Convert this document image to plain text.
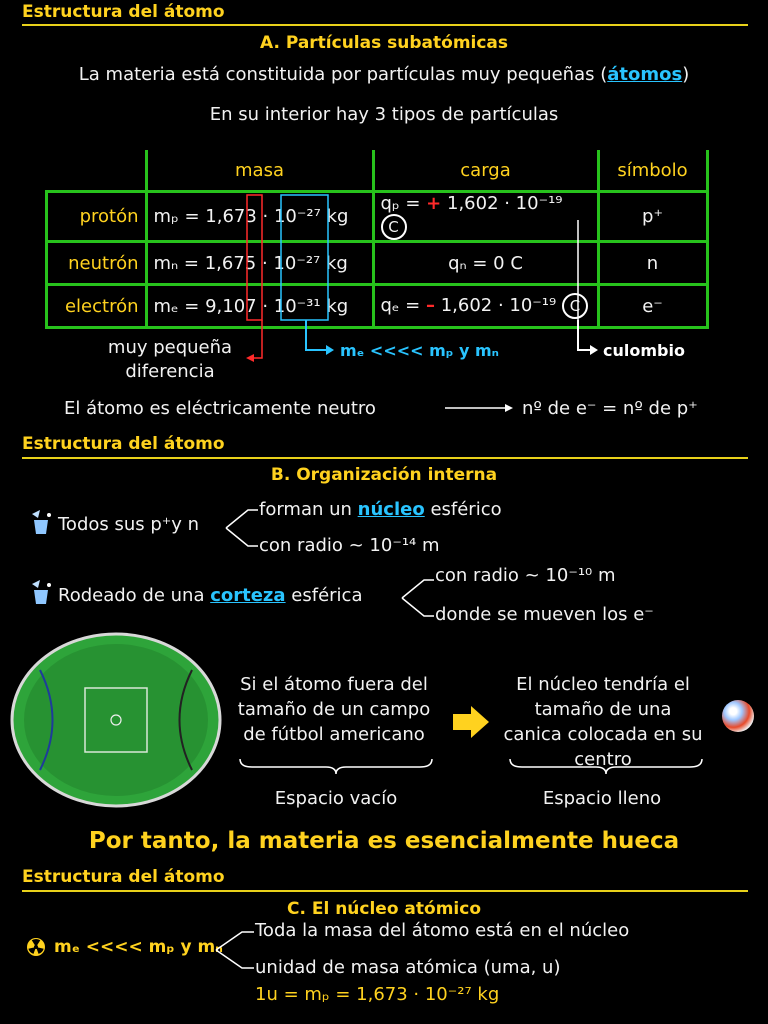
Estructura del átomo
A. Partículas subatómicas
La materia está constituida por partículas muy pequeñas (átomos)
En su interior hay 3 tipos de partículas
	masa	carga	símbolo
protón	mₚ = 1,673 · 10⁻²⁷ kg	qₚ = + 1,602 · 10⁻¹⁹ C	p⁺
neutrón	mₙ = 1,675 · 10⁻²⁷ kg	qₙ = 0 C	n
electrón	mₑ = 9,107 · 10⁻³¹ kg	qₑ = – 1,602 · 10⁻¹⁹ C	e⁻
muy pequeña diferencia
mₑ <<<< mₚ y mₙ	culombio
El átomo es eléctricamente neutro	nº de e⁻ = nº de p⁺
Estructura del átomo
B. Organización interna
Todos sus p⁺y n
forman un núcleo esférico
con radio ~ 10⁻¹⁴ m
Rodeado de una corteza esférica
con radio ~ 10⁻¹⁰ m
donde se mueven los e⁻
Si el átomo fuera del tamaño de un campo de fútbol americano
El núcleo tendría el tamaño de una canica colocada en su centro
Espacio vacío	Espacio lleno
Por tanto, la materia es esencialmente hueca
Estructura del átomo
C. El núcleo atómico
mₑ <<<< mₚ y mₙ
Toda la masa del átomo está en el núcleo
unidad de masa atómica (uma, u)
1u = mₚ = 1,673 · 10⁻²⁷ kg
